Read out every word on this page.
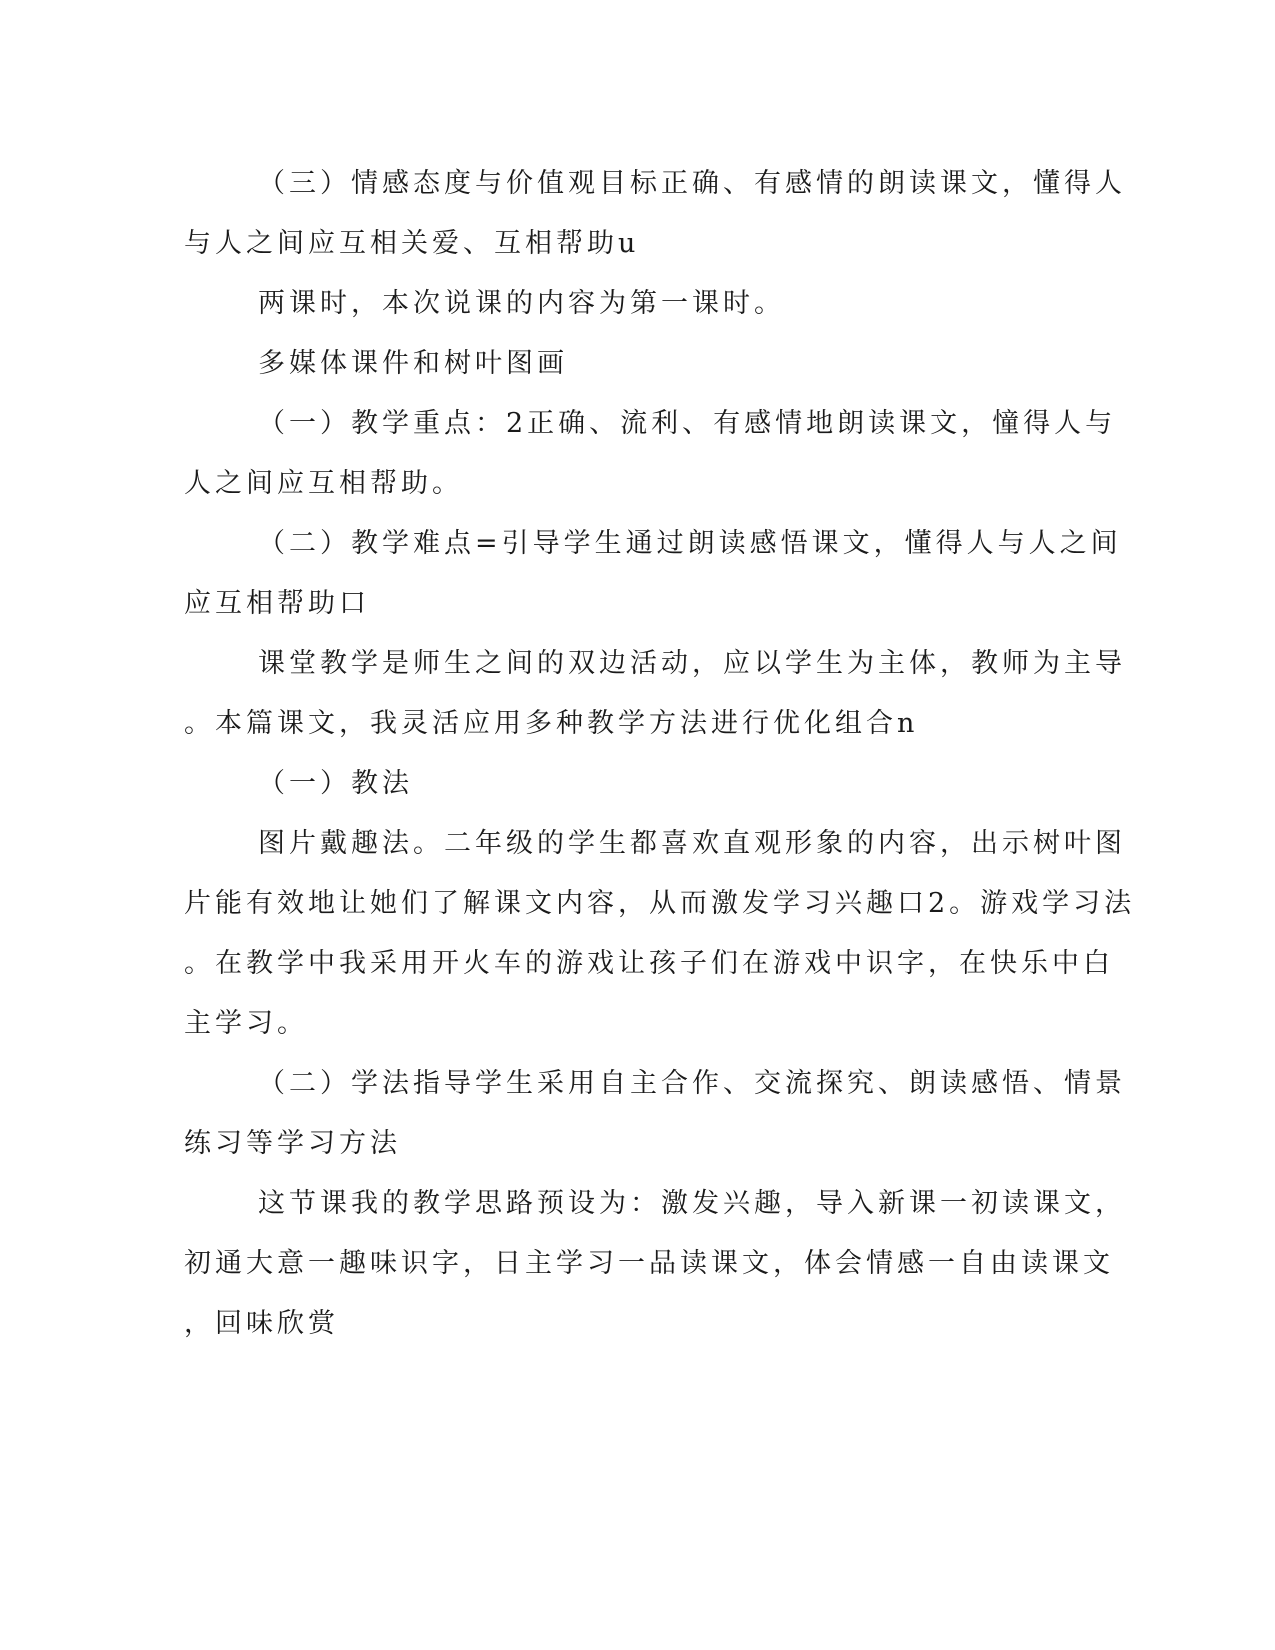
（三）情感态度与价值观目标正确、有感情的朗读课文，懂得人

与人之间应互相关爱、互相帮助u

两课时，本次说课的内容为第一课时。

多媒体课件和树叶图画

（一）教学重点：2正确、流利、有感情地朗读课文，憧得人与

人之间应互相帮助。

（二）教学难点=引导学生通过朗读感悟课文，懂得人与人之间

应互相帮助口

课堂教学是师生之间的双边活动，应以学生为主体，教师为主导

。本篇课文，我灵活应用多种教学方法进行优化组合n

（一）教法

图片戴趣法。二年级的学生都喜欢直观形象的内容，出示树叶图

片能有效地让她们了解课文内容，从而激发学习兴趣口2。游戏学习法

。在教学中我采用开火车的游戏让孩子们在游戏中识字，在快乐中白

主学习。

（二）学法指导学生采用自主合作、交流探究、朗读感悟、情景

练习等学习方法

这节课我的教学思路预设为：激发兴趣，导入新课一初读课文，

初通大意一趣味识字，日主学习一品读课文，体会情感一自由读课文

，回味欣赏
